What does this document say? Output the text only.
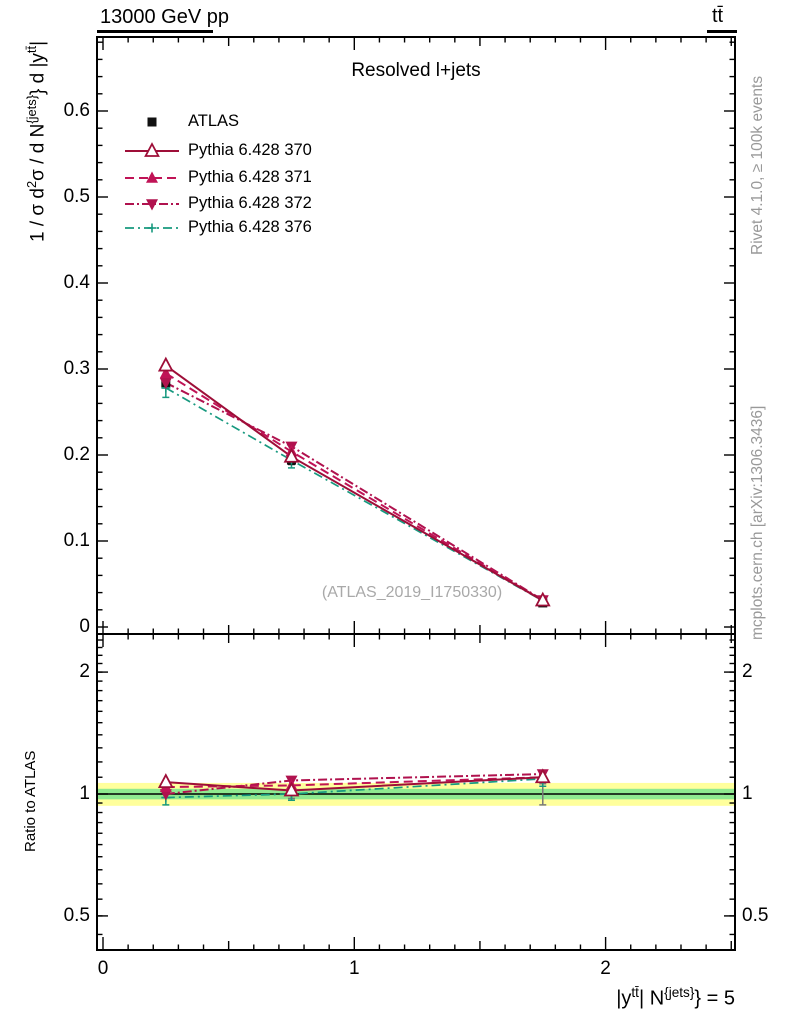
13000 GeV pp	tt̄
0	1	2
0
0.1
0.2
0.3
0.4
0.5
0.6
0.5	0.5
1	1
2	2
Resolved l+jets
ATLAS
Pythia 6.428 370
Pythia 6.428 371
Pythia 6.428 372
Pythia 6.428 376
(ATLAS_2019_I1750330)
1 / σ $d^2\sigma$ / d $N^{\{jets\}}$} d $|y^{tt̄}|$
Ratio to ATLAS
$|y^{tt̄}|$ $N^{\{jets\}}\} = 5$
Rivet 4.1.0, ≥ 100k events
mcplots.cern.ch [arXiv:1306.3436]
